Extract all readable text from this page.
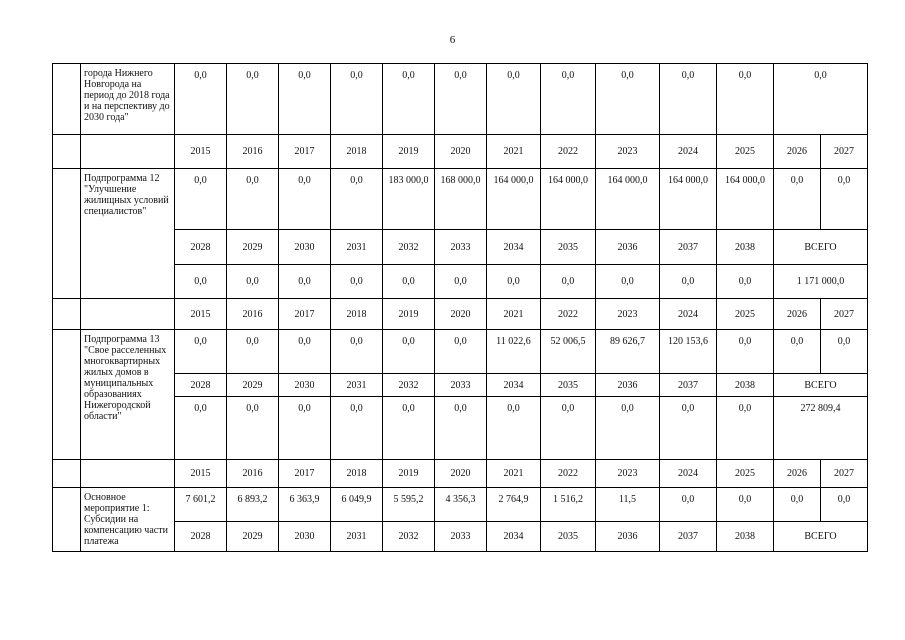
6
	города Нижнего Новгорода на период до 2018 года и на перспективу до 2030 года"	0,0	0,0	0,0	0,0	0,0	0,0	0,0	0,0	0,0	0,0	0,0	0,0	
		2015	2016	2017	2018	2019	2020	2021	2022	2023	2024	2025	2026	2027
	Подпрограмма 12 "Улучшение жилищных условий специалистов"	0,0	0,0	0,0	0,0	183 000,0	168 000,0	164 000,0	164 000,0	164 000,0	164 000,0	164 000,0	0,0	0,0
		2028	2029	2030	2031	2032	2033	2034	2035	2036	2037	2038	ВСЕГО	
		0,0	0,0	0,0	0,0	0,0	0,0	0,0	0,0	0,0	0,0	0,0	1 171 000,0	
		2015	2016	2017	2018	2019	2020	2021	2022	2023	2024	2025	2026	2027
	Подпрограмма 13 "Свое расселенных многоквартирных жилых домов в муниципальных образованиях Нижегородской области"	0,0	0,0	0,0	0,0	0,0	0,0	11 022,6	52 006,5	89 626,7	120 153,6	0,0	0,0	0,0
		2028	2029	2030	2031	2032	2033	2034	2035	2036	2037	2038	ВСЕГО	
		0,0	0,0	0,0	0,0	0,0	0,0	0,0	0,0	0,0	0,0	0,0	272 809,4	
		2015	2016	2017	2018	2019	2020	2021	2022	2023	2024	2025	2026	2027
	Основное мероприятие 1: Субсидии на компенсацию части платежа	7 601,2	6 893,2	6 363,9	6 049,9	5 595,2	4 356,3	2 764,9	1 516,2	11,5	0,0	0,0	0,0	0,0
		2028	2029	2030	2031	2032	2033	2034	2035	2036	2037	2038	ВСЕГО	
